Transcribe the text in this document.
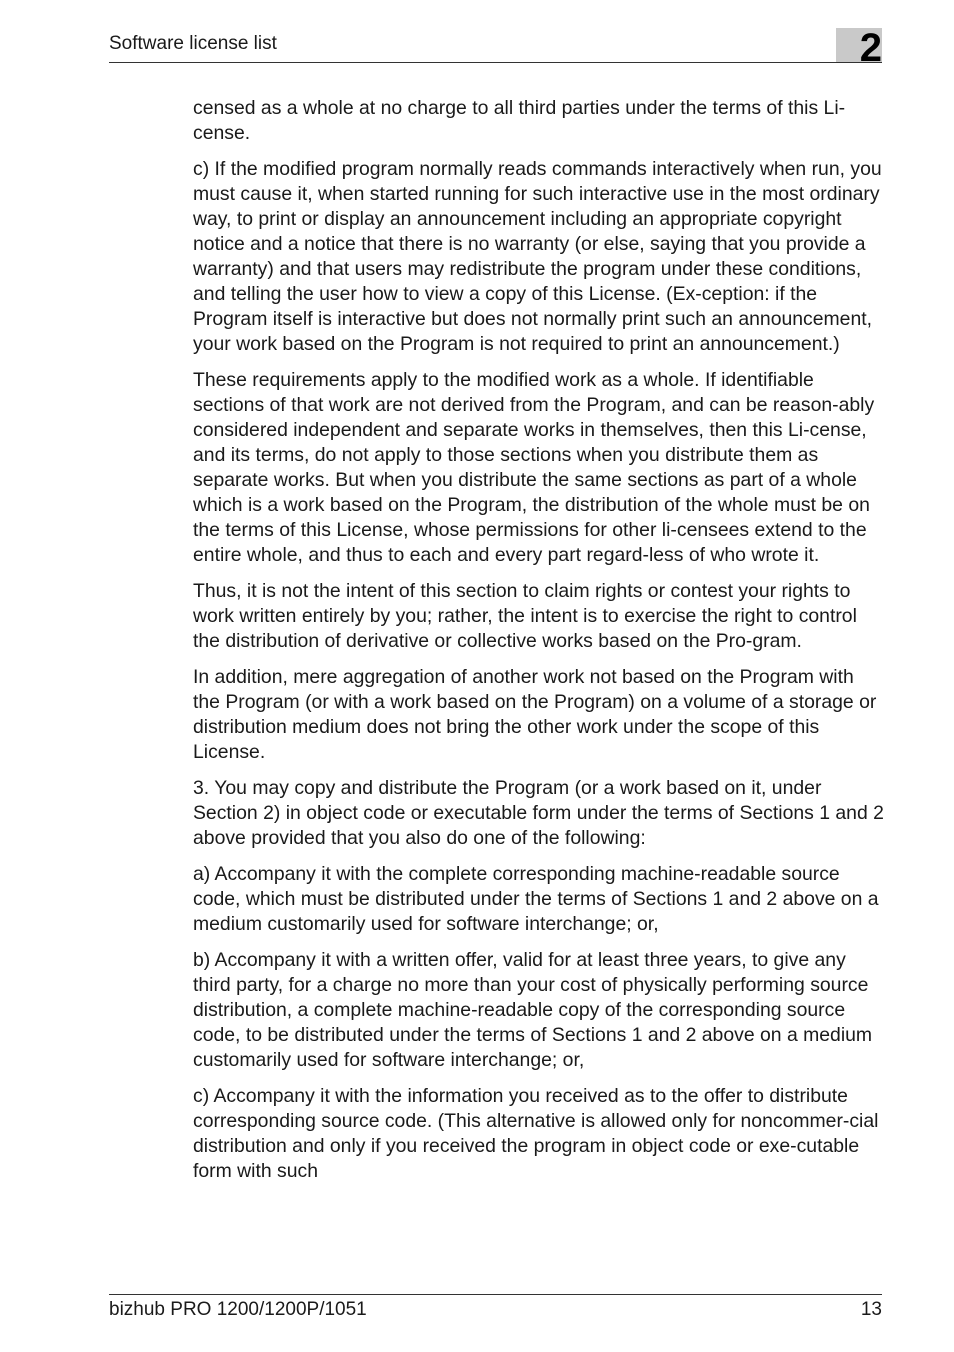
Software license list	2

censed as a whole at no charge to all third parties under the terms of this Li-cense.

c) If the modified program normally reads commands interactively when run, you must cause it, when started running for such interactive use in the most ordinary way, to print or display an announcement including an appropriate copyright notice and a notice that there is no warranty (or else, saying that you provide a warranty) and that users may redistribute the program under these conditions, and telling the user how to view a copy of this License. (Ex-ception: if the Program itself is interactive but does not normally print such an announcement, your work based on the Program is not required to print an announcement.)

These requirements apply to the modified work as a whole. If identifiable sections of that work are not derived from the Program, and can be reason-ably considered independent and separate works in themselves, then this Li-cense, and its terms, do not apply to those sections when you distribute them as separate works. But when you distribute the same sections as part of a whole which is a work based on the Program, the distribution of the whole must be on the terms of this License, whose permissions for other li-censees extend to the entire whole, and thus to each and every part regard-less of who wrote it.

Thus, it is not the intent of this section to claim rights or contest your rights to work written entirely by you; rather, the intent is to exercise the right to control the distribution of derivative or collective works based on the Pro-gram.

In addition, mere aggregation of another work not based on the Program with the Program (or with a work based on the Program) on a volume of a storage or distribution medium does not bring the other work under the scope of this License.

3. You may copy and distribute the Program (or a work based on it, under Section 2) in object code or executable form under the terms of Sections 1 and 2 above provided that you also do one of the following:

a) Accompany it with the complete corresponding machine-readable source code, which must be distributed under the terms of Sections 1 and 2 above on a medium customarily used for software interchange; or,

b) Accompany it with a written offer, valid for at least three years, to give any third party, for a charge no more than your cost of physically performing source distribution, a complete machine-readable copy of the corresponding source code, to be distributed under the terms of Sections 1 and 2 above on a medium customarily used for software interchange; or,

c) Accompany it with the information you received as to the offer to distribute corresponding source code. (This alternative is allowed only for noncommer-cial distribution and only if you received the program in object code or exe-cutable form with such

bizhub PRO 1200/1200P/1051	13
